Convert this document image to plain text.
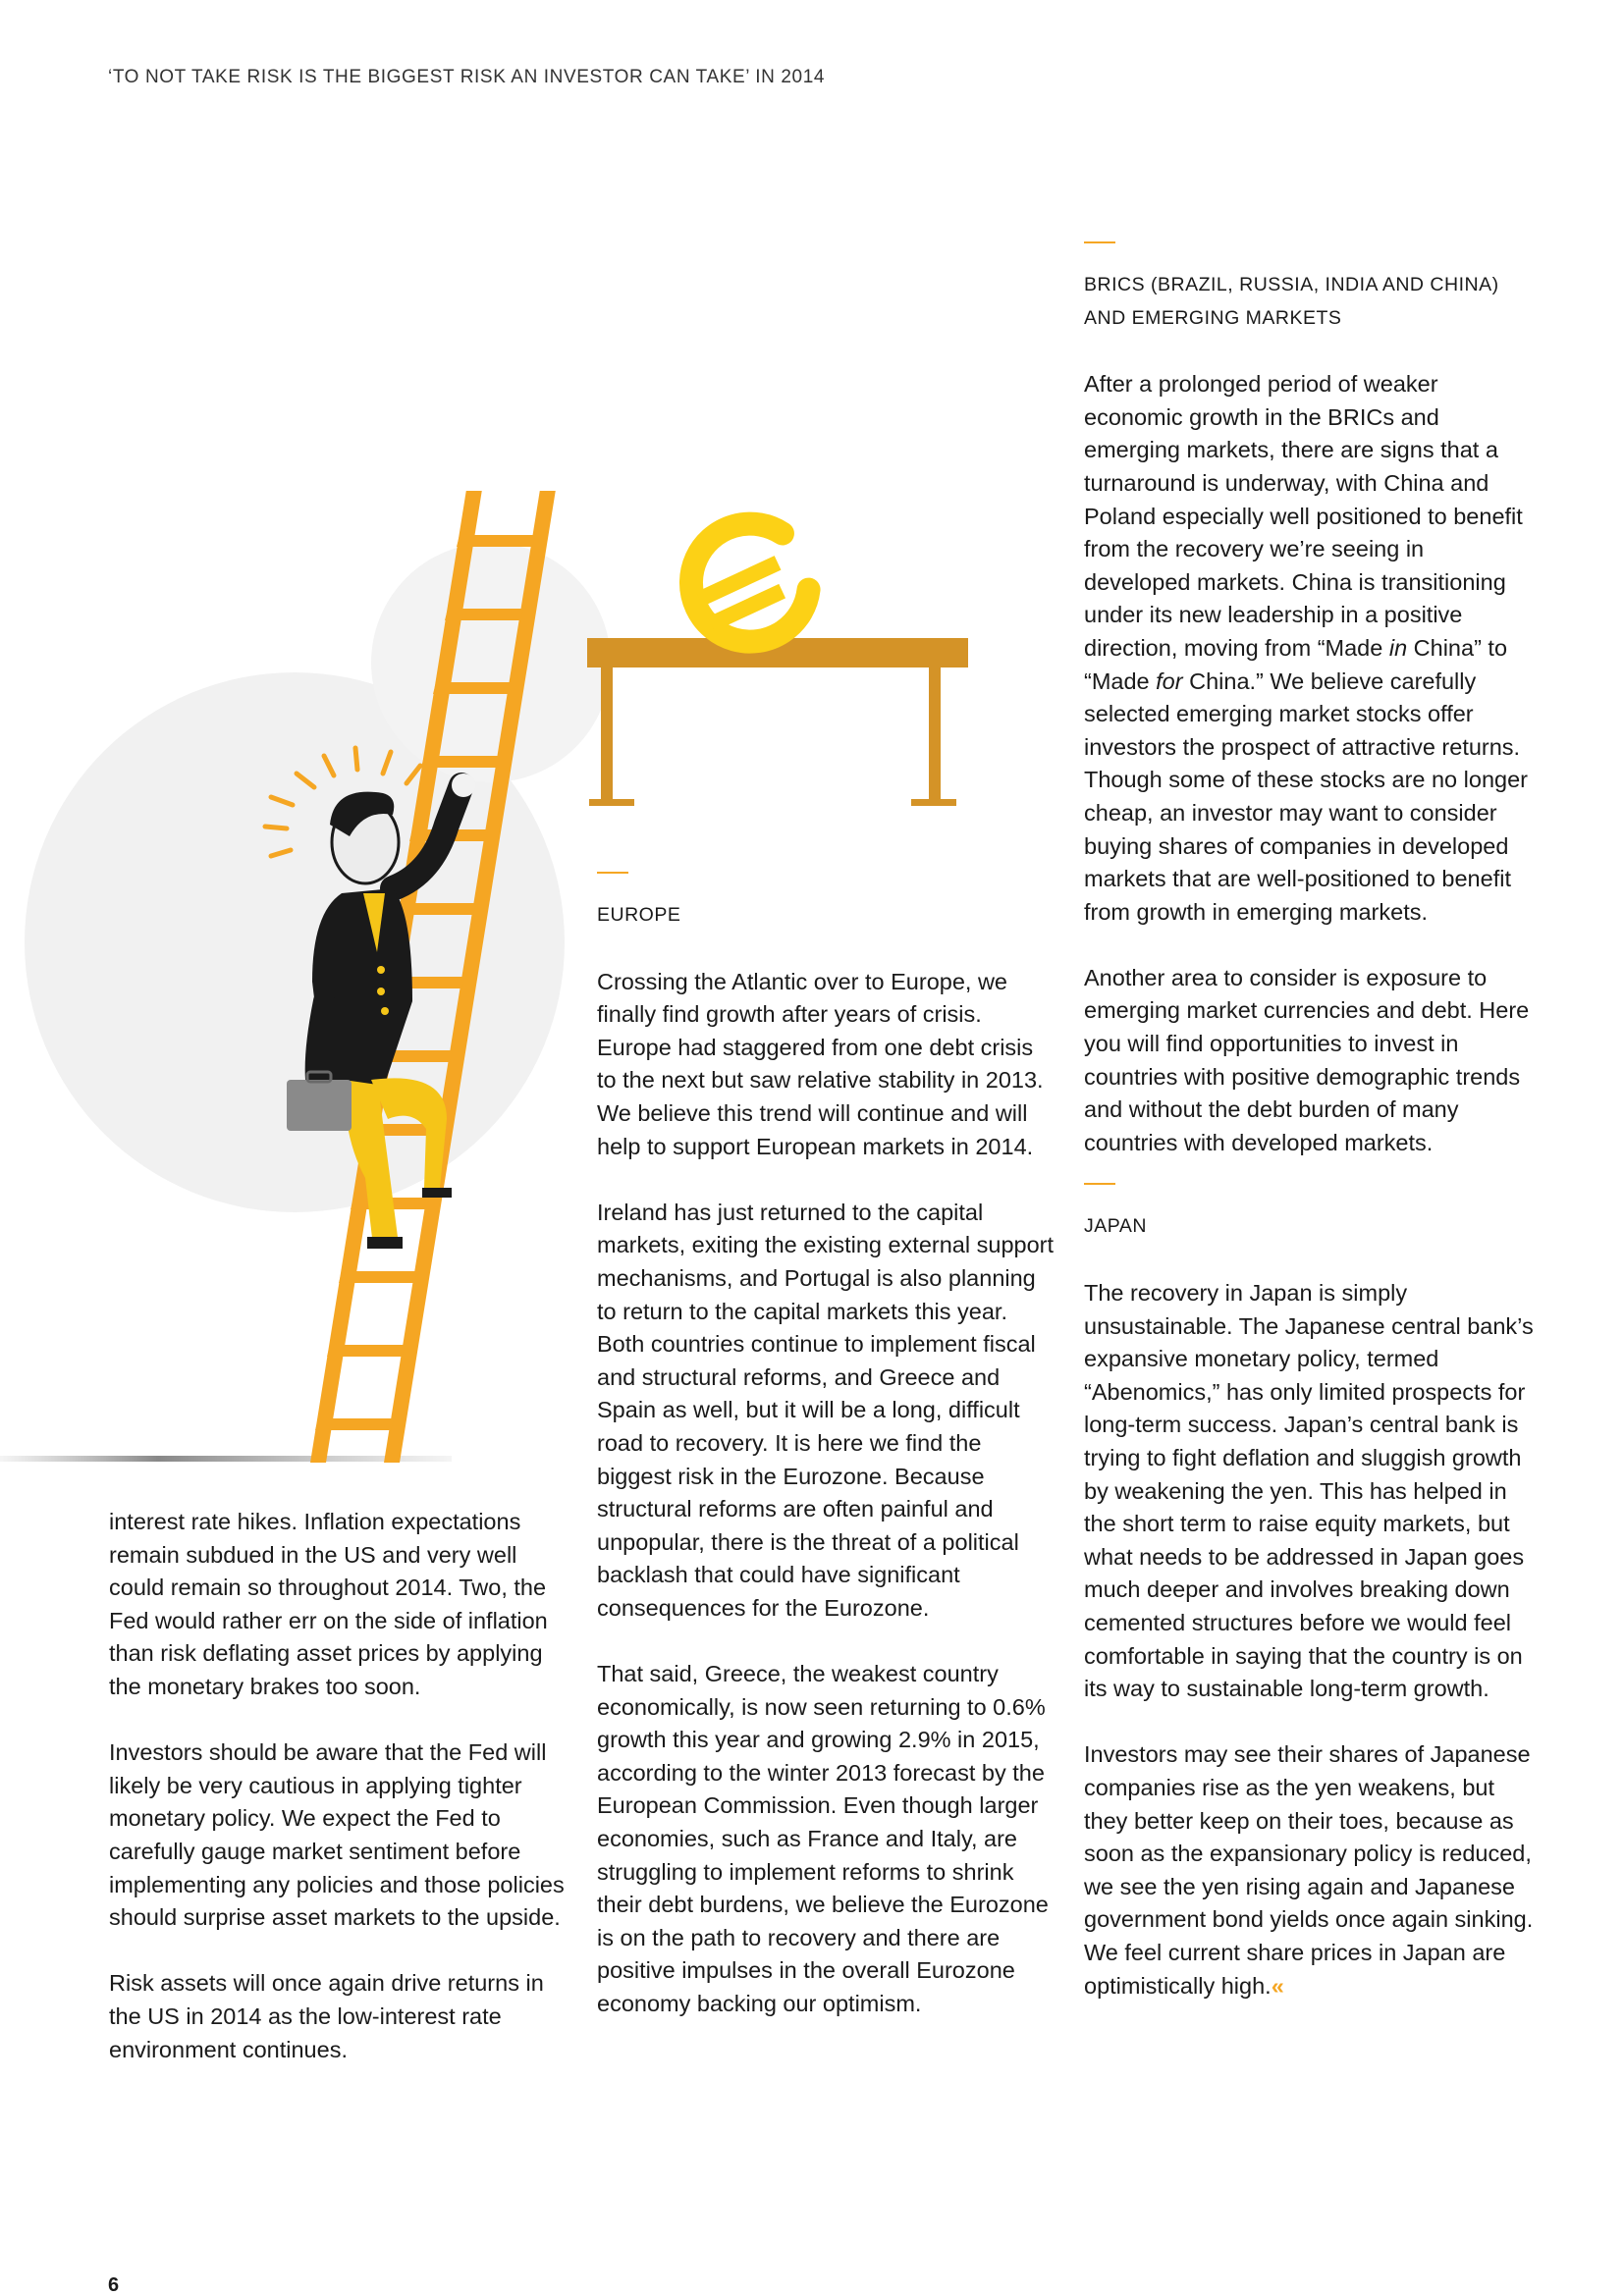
‘TO NOT TAKE RISK IS THE BIGGEST RISK AN INVESTOR CAN TAKE’ IN 2014

interest rate hikes. Inflation expectations remain subdued in the US and very well could remain so throughout 2014. Two, the Fed would rather err on the side of inflation than risk deflating asset prices by applying the monetary brakes too soon.

Investors should be aware that the Fed will likely be very cautious in applying tighter monetary policy. We expect the Fed to carefully gauge market sentiment before implementing any policies and those policies should surprise asset markets to the upside.

Risk assets will once again drive returns in the US in 2014 as the low-interest rate environment continues.

EUROPE

Crossing the Atlantic over to Europe, we finally find growth after years of crisis. Europe had staggered from one debt crisis to the next but saw relative stability in 2013. We believe this trend will continue and will help to support European markets in 2014.

Ireland has just returned to the capital markets, exiting the existing external support mechanisms, and Portugal is also planning to return to the capital markets this year. Both countries continue to implement fiscal and structural reforms, and Greece and Spain as well, but it will be a long, difficult road to recovery. It is here we find the biggest risk in the Eurozone. Because structural reforms are often painful and unpopular, there is the threat of a political backlash that could have significant consequences for the Eurozone.

That said, Greece, the weakest country economically, is now seen returning to 0.6% growth this year and growing 2.9% in 2015, according to the winter 2013 forecast by the European Commission. Even though larger economies, such as France and Italy, are struggling to implement reforms to shrink their debt burdens, we believe the Eurozone is on the path to recovery and there are positive impulses in the overall Eurozone economy backing our optimism.

BRICS (BRAZIL, RUSSIA, INDIA AND CHINA)
AND EMERGING MARKETS

After a prolonged period of weaker economic growth in the BRICs and emerging markets, there are signs that a turnaround is underway, with China and Poland especially well positioned to benefit from the recovery we’re seeing in developed markets. China is transitioning under its new leadership in a positive direction, moving from “Made in China” to “Made for China.” We believe carefully selected emerging market stocks offer investors the prospect of attractive returns. Though some of these stocks are no longer cheap, an investor may want to consider buying shares of companies in developed markets that are well-positioned to benefit from growth in emerging markets.

Another area to consider is exposure to emerging market currencies and debt. Here you will find opportunities to invest in countries with positive demographic trends and without the debt burden of many countries with developed markets.

JAPAN

The recovery in Japan is simply unsustainable. The Japanese central bank’s expansive monetary policy, termed “Abenomics,” has only limited prospects for long-term success. Japan’s central bank is trying to fight deflation and sluggish growth by weakening the yen. This has helped in the short term to raise equity markets, but what needs to be addressed in Japan goes much deeper and involves breaking down cemented structures before we would feel comfortable in saying that the country is on its way to sustainable long-term growth.

Investors may see their shares of Japanese companies rise as the yen weakens, but they better keep on their toes, because as soon as the expansionary policy is reduced, we see the yen rising again and Japanese government bond yields once again sinking. We feel current share prices in Japan are optimistically high.«

6
